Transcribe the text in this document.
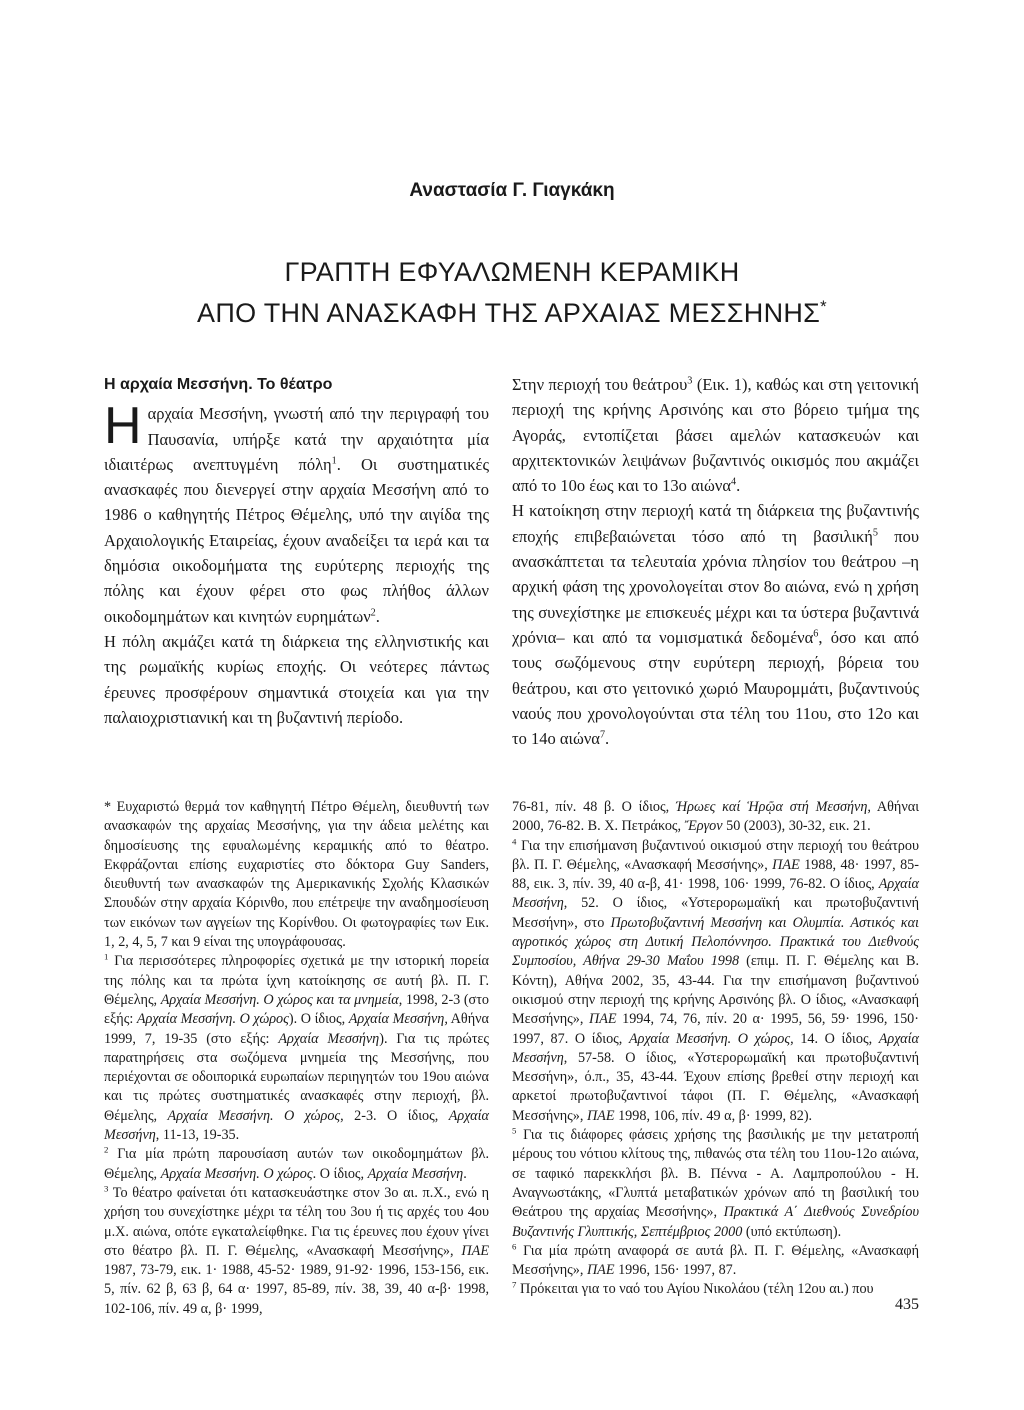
Αναστασία Γ. Γιαγκάκη
ΓΡΑΠΤΗ ΕΦΥΑΛΩΜΕΝΗ ΚΕΡΑΜΙΚΗ
ΑΠΟ ΤΗΝ ΑΝΑΣΚΑΦΗ ΤΗΣ ΑΡΧΑΙΑΣ ΜΕΣΣΗΝΗΣ*

Η αρχαία Μεσσήνη. Το θέατρο

Η αρχαία Μεσσήνη, γνωστή από την περιγραφή του Παυσανία, υπήρξε κατά την αρχαιότητα μία ιδιαιτέρως ανεπτυγμένη πόλη$^1$. Οι συστηματικές ανασκαφές που διενεργεί στην αρχαία Μεσσήνη από το 1986 ο καθηγητής Πέτρος Θέμελης, υπό την αιγίδα της Αρχαιολογικής Εταιρείας, έχουν αναδείξει τα ιερά και τα δημόσια οικοδομήματα της ευρύτερης περιοχής της πόλης και έχουν φέρει στο φως πλήθος άλλων οικοδομημάτων και κινητών ευρημάτων$^2$.

Η πόλη ακμάζει κατά τη διάρκεια της ελληνιστικής και της ρωμαϊκής κυρίως εποχής. Οι νεότερες πάντως έρευνες προσφέρουν σημαντικά στοιχεία και για την παλαιοχριστιανική και τη βυζαντινή περίοδο.

Στην περιοχή του θεάτρου$^3$ (Εικ. 1), καθώς και στη γειτονική περιοχή της κρήνης Αρσινόης και στο βόρειο τμήμα της Αγοράς, εντοπίζεται βάσει αμελών κατασκευών και αρχιτεκτονικών λειψάνων βυζαντινός οικισμός που ακμάζει από το 10ο έως και το 13ο αιώνα$^4$.

Η κατοίκηση στην περιοχή κατά τη διάρκεια της βυζαντινής εποχής επιβεβαιώνεται τόσο από τη βασιλική$^5$ που ανασκάπτεται τα τελευταία χρόνια πλησίον του θεάτρου –η αρχική φάση της χρονολογείται στον 8ο αιώνα, ενώ η χρήση της συνεχίστηκε με επισκευές μέχρι και τα ύστερα βυζαντινά χρόνια– και από τα νομισματικά δεδομένα$^6$, όσο και από τους σωζόμενους στην ευρύτερη περιοχή, βόρεια του θεάτρου, και στο γειτονικό χωριό Μαυρομμάτι, βυζαντινούς ναούς που χρονολογούνται στα τέλη του 11ου, στο 12ο και το 14ο αιώνα$^7$.

* Ευχαριστώ θερμά τον καθηγητή Πέτρο Θέμελη, διευθυντή των ανασκαφών της αρχαίας Μεσσήνης, για την άδεια μελέτης και δημοσίευσης της εφυαλωμένης κεραμικής από το θέατρο. Εκφράζονται επίσης ευχαριστίες στο δόκτορα Guy Sanders, διευθυντή των ανασκαφών της Αμερικανικής Σχολής Κλασικών Σπουδών στην αρχαία Κόρινθο, που επέτρεψε την αναδημοσίευση των εικόνων των αγγείων της Κορίνθου. Οι φωτογραφίες των Εικ. 1, 2, 4, 5, 7 και 9 είναι της υπογράφουσας.

$^1$ Για περισσότερες πληροφορίες σχετικά με την ιστορική πορεία της πόλης και τα πρώτα ίχνη κατοίκησης σε αυτή βλ. Π. Γ. Θέμελης, Αρχαία Μεσσήνη. Ο χώρος και τα μνημεία, 1998, 2-3 (στο εξής: Αρχαία Μεσσήνη. Ο χώρος). Ο ίδιος, Αρχαία Μεσσήνη, Αθήνα 1999, 7, 19-35 (στο εξής: Αρχαία Μεσσήνη). Για τις πρώτες παρατηρήσεις στα σωζόμενα μνημεία της Μεσσήνης, που περιέχονται σε οδοιπορικά ευρωπαίων περιηγητών του 19ου αιώνα και τις πρώτες συστηματικές ανασκαφές στην περιοχή, βλ. Θέμελης, Αρχαία Μεσσήνη. Ο χώρος, 2-3. Ο ίδιος, Αρχαία Μεσσήνη, 11-13, 19-35.

$^2$ Για μία πρώτη παρουσίαση αυτών των οικοδομημάτων βλ. Θέμελης, Αρχαία Μεσσήνη. Ο χώρος. Ο ίδιος, Αρχαία Μεσσήνη.

$^3$ Το θέατρο φαίνεται ότι κατασκευάστηκε στον 3ο αι. π.Χ., ενώ η χρήση του συνεχίστηκε μέχρι τα τέλη του 3ου ή τις αρχές του 4ου μ.Χ. αιώνα, οπότε εγκαταλείφθηκε. Για τις έρευνες που έχουν γίνει στο θέατρο βλ. Π. Γ. Θέμελης, «Ανασκαφή Μεσσήνης», ΠΑΕ 1987, 73-79, εικ. 1· 1988, 45-52· 1989, 91-92· 1996, 153-156, εικ. 5, πίν. 62 β, 63 β, 64 α· 1997, 85-89, πίν. 38, 39, 40 α-β· 1998, 102-106, πίν. 49 α, β· 1999,

76-81, πίν. 48 β. Ο ίδιος, Ήρωες καί Ἡρῷα στή Μεσσήνη, Αθήναι 2000, 76-82. Β. Χ. Πετράκος, Ἔργον 50 (2003), 30-32, εικ. 21.

$^4$ Για την επισήμανση βυζαντινού οικισμού στην περιοχή του θεάτρου βλ. Π. Γ. Θέμελης, «Ανασκαφή Μεσσήνης», ΠΑΕ 1988, 48· 1997, 85-88, εικ. 3, πίν. 39, 40 α-β, 41· 1998, 106· 1999, 76-82. Ο ίδιος, Αρχαία Μεσσήνη, 52. Ο ίδιος, «Υστερορωμαϊκή και πρωτοβυζαντινή Μεσσήνη», στο Πρωτοβυζαντινή Μεσσήνη και Ολυμπία. Αστικός και αγροτικός χώρος στη Δυτική Πελοπόννησο. Πρακτικά του Διεθνούς Συμποσίου, Αθήνα 29-30 Μαΐου 1998 (επιμ. Π. Γ. Θέμελης και Β. Κόντη), Αθήνα 2002, 35, 43-44. Για την επισήμανση βυζαντινού οικισμού στην περιοχή της κρήνης Αρσινόης βλ. Ο ίδιος, «Ανασκαφή Μεσσήνης», ΠΑΕ 1994, 74, 76, πίν. 20 α· 1995, 56, 59· 1996, 150· 1997, 87. Ο ίδιος, Αρχαία Μεσσήνη. Ο χώρος, 14. Ο ίδιος, Αρχαία Μεσσήνη, 57-58. Ο ίδιος, «Υστερορωμαϊκή και πρωτοβυζαντινή Μεσσήνη», ό.π., 35, 43-44. Έχουν επίσης βρεθεί στην περιοχή και αρκετοί πρωτοβυζαντινοί τάφοι (Π. Γ. Θέμελης, «Ανασκαφή Μεσσήνης», ΠΑΕ 1998, 106, πίν. 49 α, β· 1999, 82).

$^5$ Για τις διάφορες φάσεις χρήσης της βασιλικής με την μετατροπή μέρους του νότιου κλίτους της, πιθανώς στα τέλη του 11ου-12ο αιώνα, σε ταφικό παρεκκλήσι βλ. Β. Πέννα - Α. Λαμπροπούλου - Η. Αναγνωστάκης, «Γλυπτά μεταβατικών χρόνων από τη βασιλική του Θεάτρου της αρχαίας Μεσσήνης», Πρακτικά Α΄ Διεθνούς Συνεδρίου Βυζαντινής Γλυπτικής, Σεπτέμβριος 2000 (υπό εκτύπωση).

$^6$ Για μία πρώτη αναφορά σε αυτά βλ. Π. Γ. Θέμελης, «Ανασκαφή Μεσσήνης», ΠΑΕ 1996, 156· 1997, 87.

$^7$ Πρόκειται για το ναό του Αγίου Νικολάου (τέλη 12ου αι.) που

435
